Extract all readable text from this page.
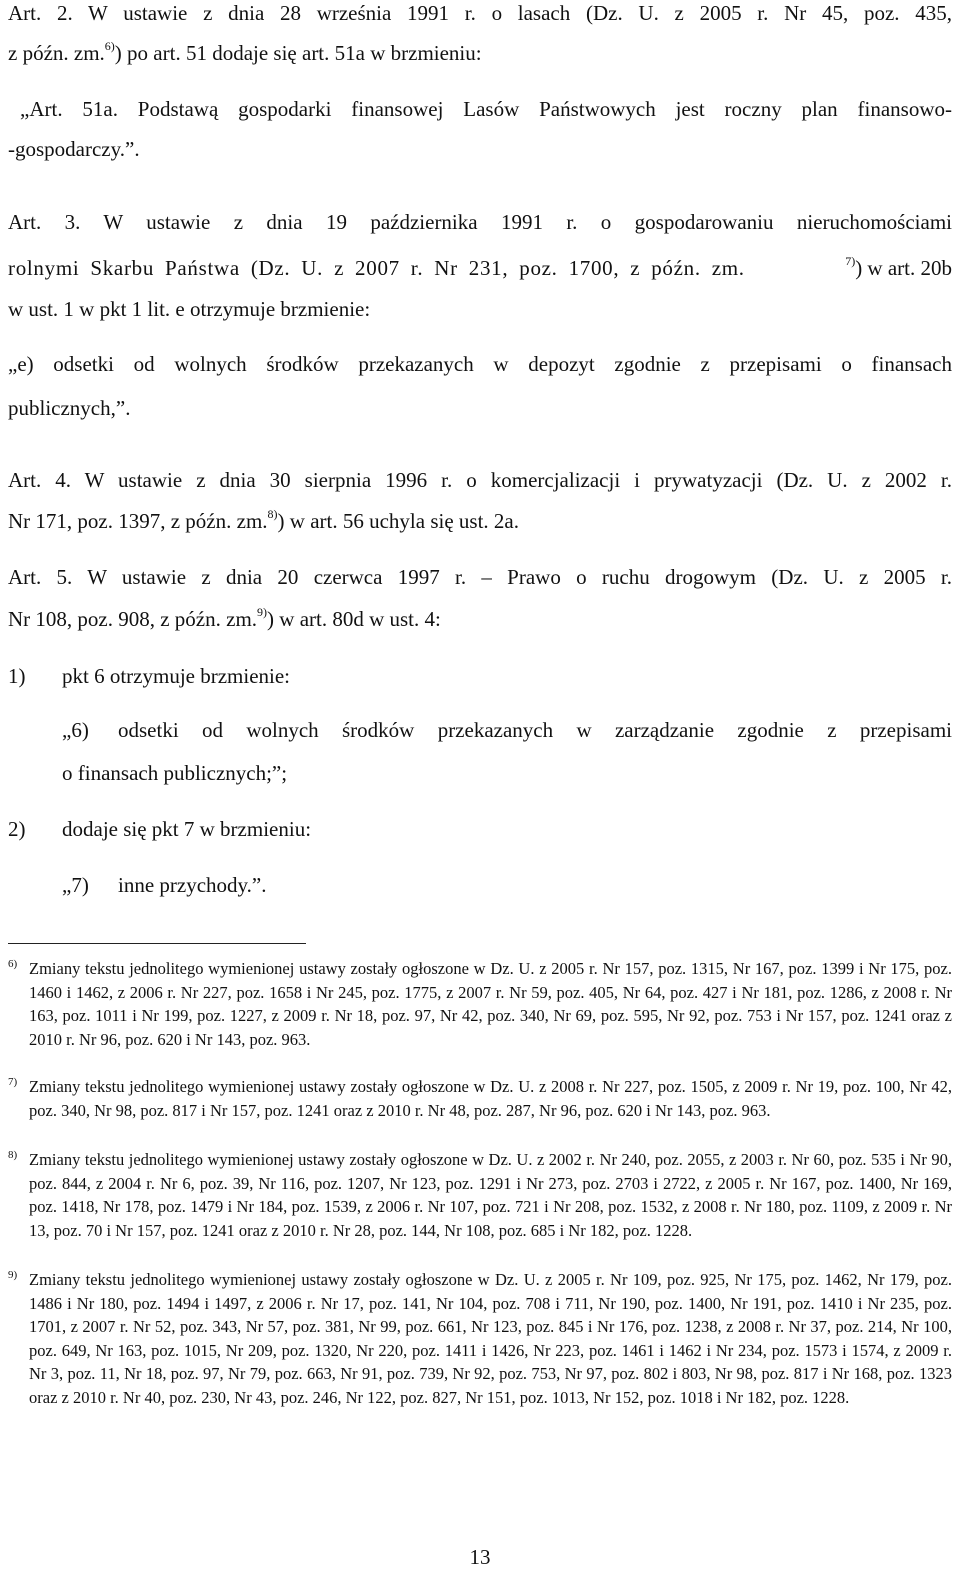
Art. 2. W ustawie z dnia 28 września 1991 r. o lasach (Dz. U. z 2005 r. Nr 45, poz. 435,
z późn. zm.$^{6)}$) po art. 51 dodaje się art. 51a w brzmieniu:
„Art. 51a. Podstawą gospodarki finansowej Lasów Państwowych jest roczny plan finansowo-
-gospodarczy.”.
Art. 3. W ustawie z dnia 19 października 1991 r. o gospodarowaniu nieruchomościami
rolnymi Skarbu Państwa (Dz. U. z 2007 r. Nr 231, poz. 1700, z późn. zm.	$^{7)}$) w art. 20b
w ust. 1 w pkt 1 lit. e otrzymuje brzmienie:
„e) odsetki od wolnych środków przekazanych w depozyt zgodnie z przepisami o finansach
publicznych,”.
Art. 4. W ustawie z dnia 30 sierpnia 1996 r. o komercjalizacji i prywatyzacji (Dz. U. z 2002 r.
Nr 171, poz. 1397, z późn. zm.$^{8)}$) w art. 56 uchyla się ust. 2a.
Art. 5. W ustawie z dnia 20 czerwca 1997 r. – Prawo o ruchu drogowym (Dz. U. z 2005 r.
Nr 108, poz. 908, z późn. zm.$^{9)}$) w art. 80d w ust. 4:
1) pkt 6 otrzymuje brzmienie:
„6) odsetki od wolnych środków przekazanych w zarządzanie zgodnie z przepisami
o finansach publicznych;”;
2) dodaje się pkt 7 w brzmieniu:
„7) inne przychody.”.
6) Zmiany tekstu jednolitego wymienionej ustawy zostały ogłoszone w Dz. U. z 2005 r. Nr 157, poz. 1315, Nr 167, poz. 1399 i Nr 175, poz. 1460 i 1462, z 2006 r. Nr 227, poz. 1658 i Nr 245, poz. 1775, z 2007 r. Nr 59, poz. 405, Nr 64, poz. 427 i Nr 181, poz. 1286, z 2008 r. Nr 163, poz. 1011 i Nr 199, poz. 1227, z 2009 r. Nr 18, poz. 97, Nr 42, poz. 340, Nr 69, poz. 595, Nr 92, poz. 753 i Nr 157, poz. 1241 oraz z 2010 r. Nr 96, poz. 620 i Nr 143, poz. 963.
7) Zmiany tekstu jednolitego wymienionej ustawy zostały ogłoszone w Dz. U. z 2008 r. Nr 227, poz. 1505, z 2009 r. Nr 19, poz. 100, Nr 42, poz. 340, Nr 98, poz. 817 i Nr 157, poz. 1241 oraz z 2010 r. Nr 48, poz. 287, Nr 96, poz. 620 i Nr 143, poz. 963.
8) Zmiany tekstu jednolitego wymienionej ustawy zostały ogłoszone w Dz. U. z 2002 r. Nr 240, poz. 2055, z 2003 r. Nr 60, poz. 535 i Nr 90, poz. 844, z 2004 r. Nr 6, poz. 39, Nr 116, poz. 1207, Nr 123, poz. 1291 i Nr 273, poz. 2703 i 2722, z 2005 r. Nr 167, poz. 1400, Nr 169, poz. 1418, Nr 178, poz. 1479 i Nr 184, poz. 1539, z 2006 r. Nr 107, poz. 721 i Nr 208, poz. 1532, z 2008 r. Nr 180, poz. 1109, z 2009 r. Nr 13, poz. 70 i Nr 157, poz. 1241 oraz z 2010 r. Nr 28, poz. 144, Nr 108, poz. 685 i Nr 182, poz. 1228.
9) Zmiany tekstu jednolitego wymienionej ustawy zostały ogłoszone w Dz. U. z 2005 r. Nr 109, poz. 925, Nr 175, poz. 1462, Nr 179, poz. 1486 i Nr 180, poz. 1494 i 1497, z 2006 r. Nr 17, poz. 141, Nr 104, poz. 708 i 711, Nr 190, poz. 1400, Nr 191, poz. 1410 i Nr 235, poz. 1701, z 2007 r. Nr 52, poz. 343, Nr 57, poz. 381, Nr 99, poz. 661, Nr 123, poz. 845 i Nr 176, poz. 1238, z 2008 r. Nr 37, poz. 214, Nr 100, poz. 649, Nr 163, poz. 1015, Nr 209, poz. 1320, Nr 220, poz. 1411 i 1426, Nr 223, poz. 1461 i 1462 i Nr 234, poz. 1573 i 1574, z 2009 r. Nr 3, poz. 11, Nr 18, poz. 97, Nr 79, poz. 663, Nr 91, poz. 739, Nr 92, poz. 753, Nr 97, poz. 802 i 803, Nr 98, poz. 817 i Nr 168, poz. 1323 oraz z 2010 r. Nr 40, poz. 230, Nr 43, poz. 246, Nr 122, poz. 827, Nr 151, poz. 1013, Nr 152, poz. 1018 i Nr 182, poz. 1228.
13
